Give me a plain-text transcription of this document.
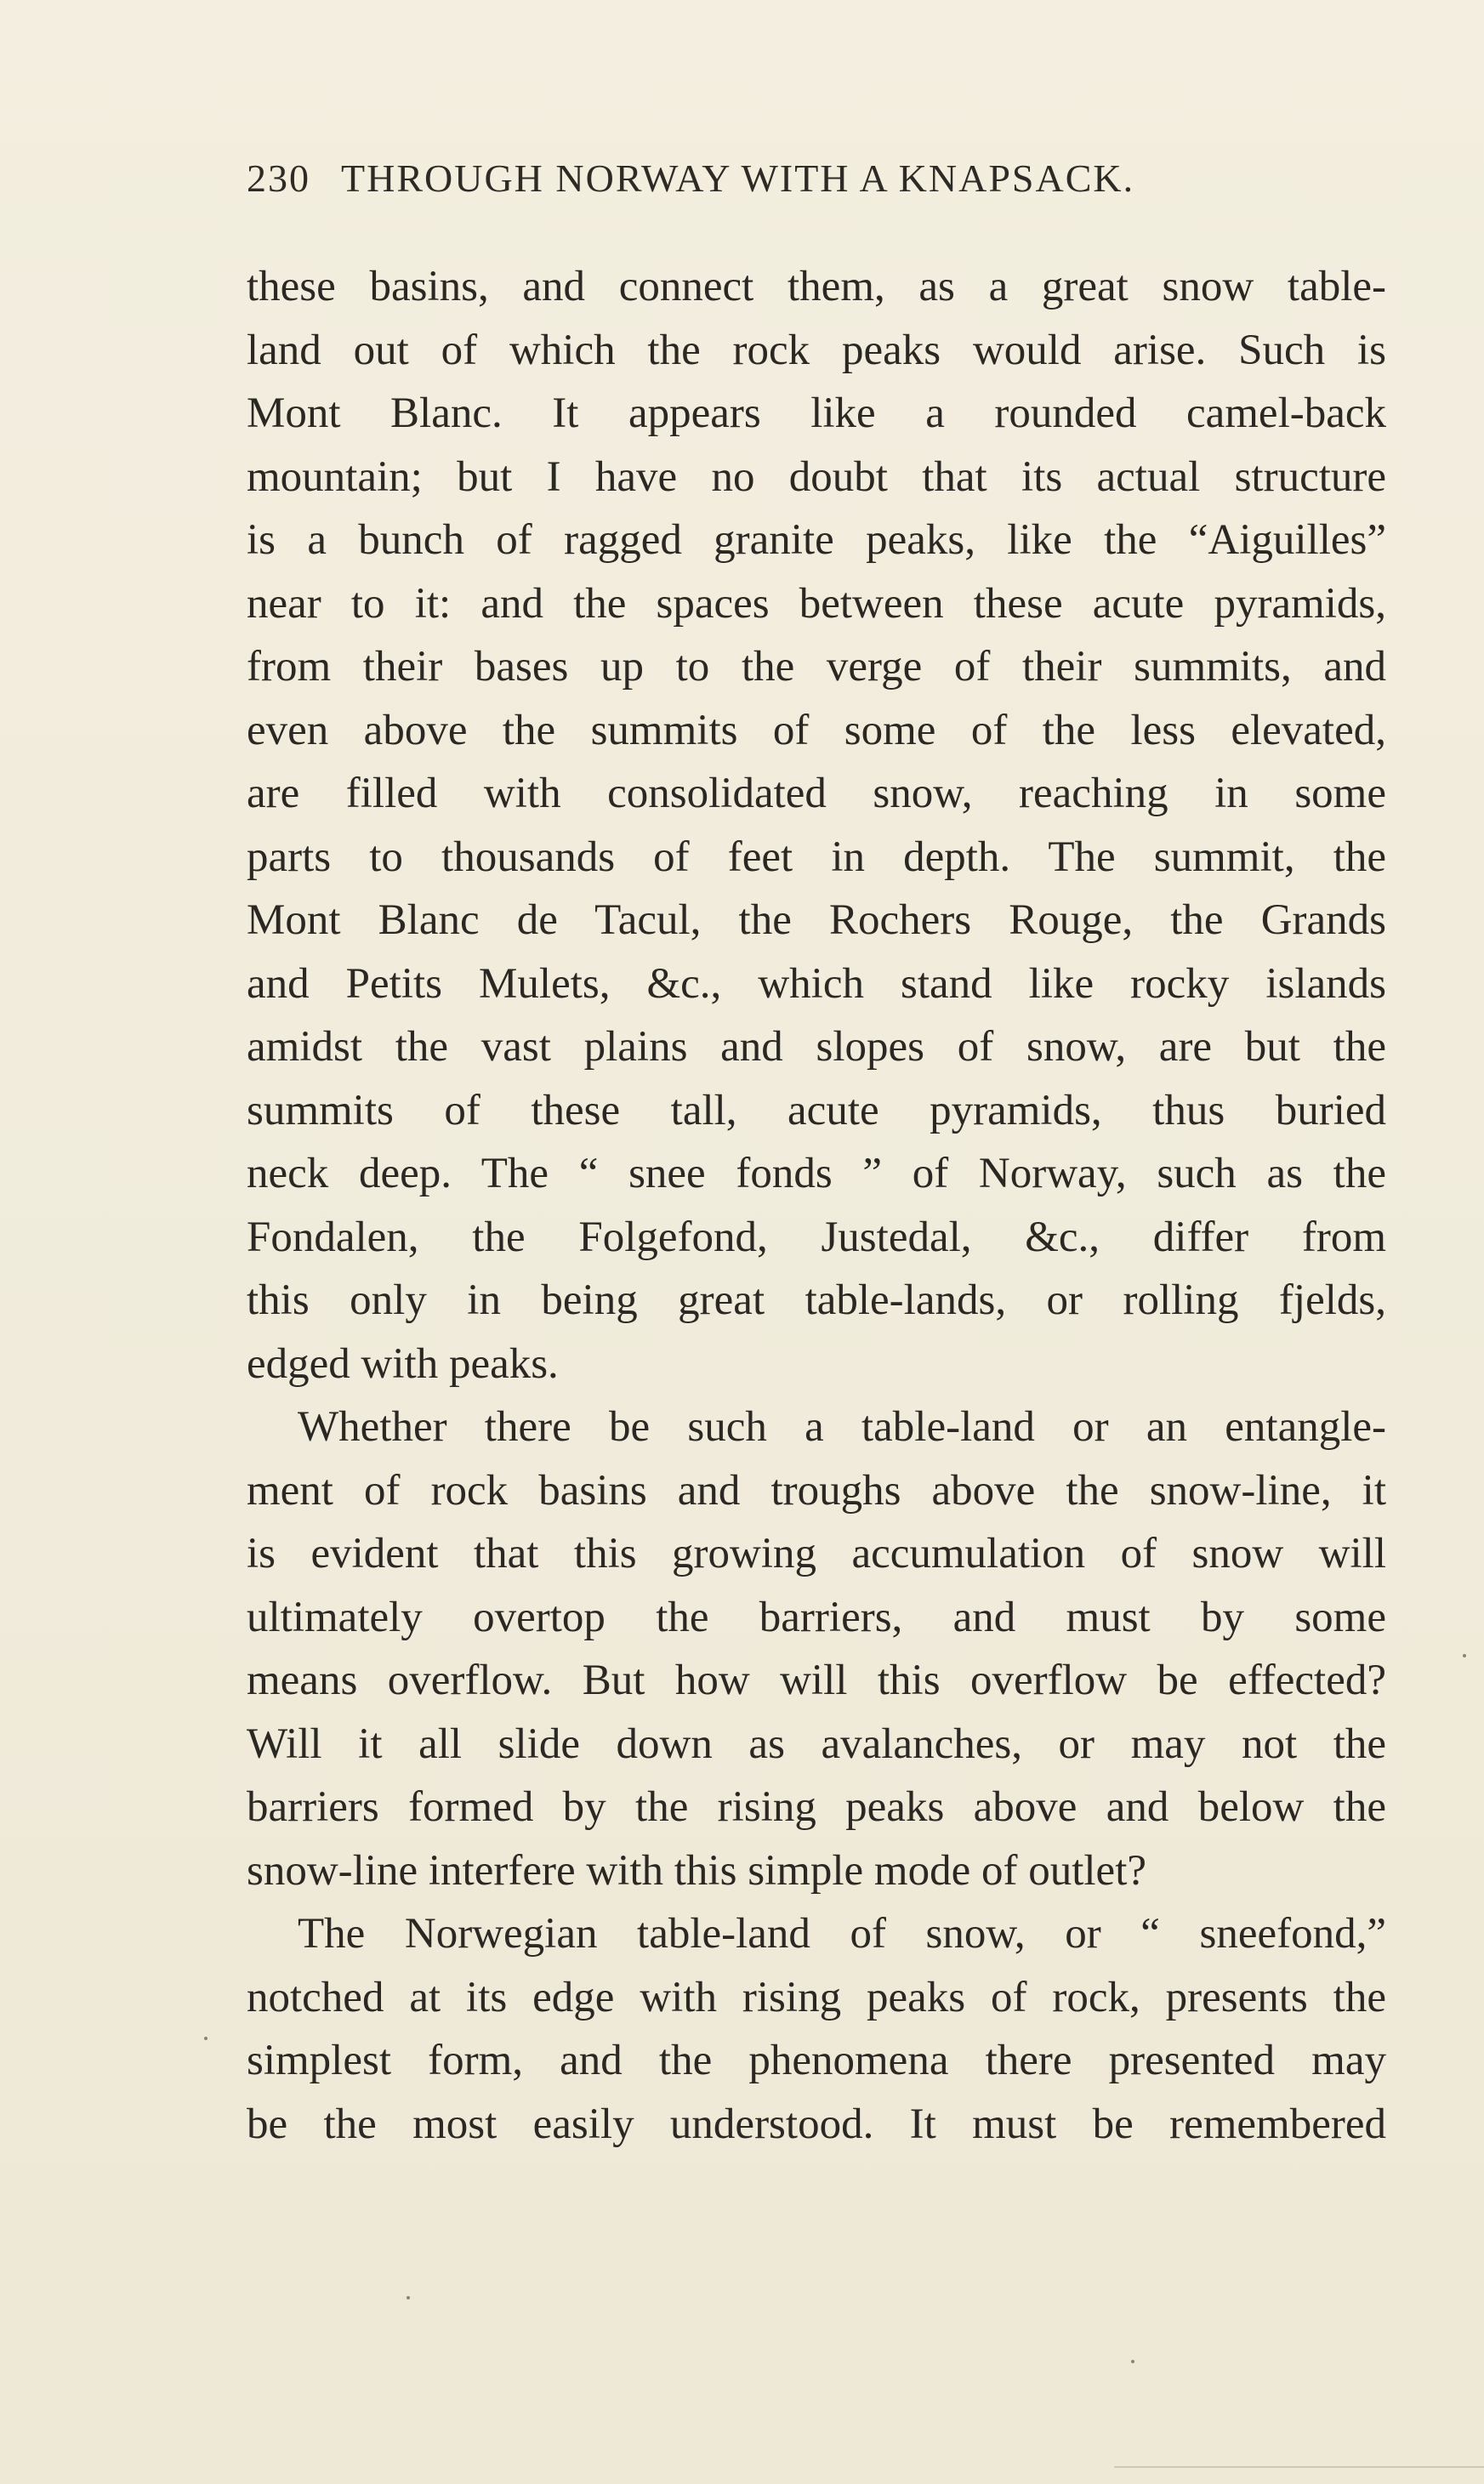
230 THROUGH NORWAY WITH A KNAPSACK.
these basins, and connect them, as a great snow table-
land out of which the rock peaks would arise. Such is
Mont Blanc. It appears like a rounded camel-back
mountain; but I have no doubt that its actual structure
is a bunch of ragged granite peaks, like the “Aiguilles”
near to it: and the spaces between these acute pyramids,
from their bases up to the verge of their summits, and
even above the summits of some of the less elevated,
are filled with consolidated snow, reaching in some
parts to thousands of feet in depth. The summit, the
Mont Blanc de Tacul, the Rochers Rouge, the Grands
and Petits Mulets, &c., which stand like rocky islands
amidst the vast plains and slopes of snow, are but the
summits of these tall, acute pyramids, thus buried
neck deep. The “ snee fonds ” of Norway, such as the
Fondalen, the Folgefond, Justedal, &c., differ from
this only in being great table-lands, or rolling fjelds,
edged with peaks.
Whether there be such a table-land or an entangle-
ment of rock basins and troughs above the snow-line, it
is evident that this growing accumulation of snow will
ultimately overtop the barriers, and must by some
means overflow. But how will this overflow be effected?
Will it all slide down as avalanches, or may not the
barriers formed by the rising peaks above and below the
snow-line interfere with this simple mode of outlet?
The Norwegian table-land of snow, or “ sneefond,”
notched at its edge with rising peaks of rock, presents the
simplest form, and the phenomena there presented may
be the most easily understood. It must be remembered
